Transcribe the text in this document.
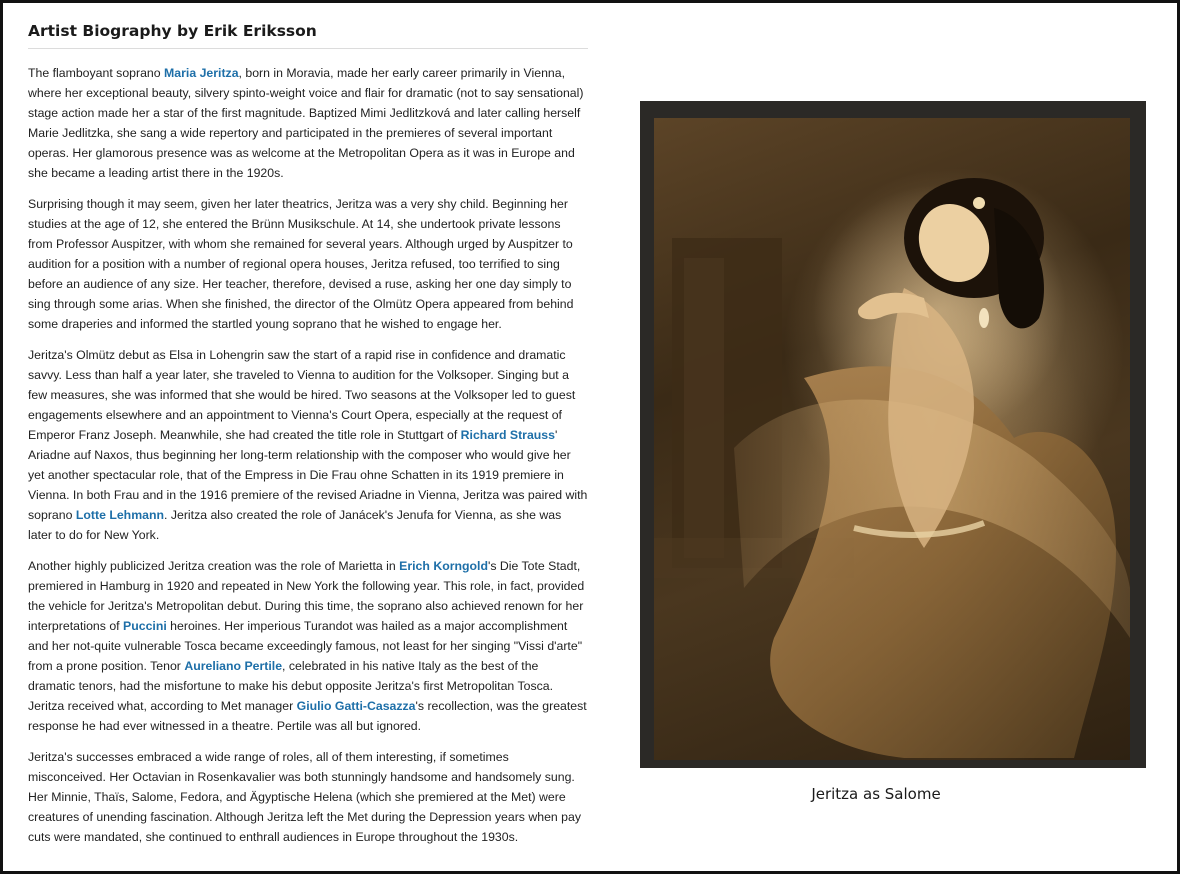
Artist Biography by Erik Eriksson

The flamboyant soprano Maria Jeritza, born in Moravia, made her early career primarily in Vienna, where her exceptional beauty, silvery spinto-weight voice and flair for dramatic (not to say sensational) stage action made her a star of the first magnitude. Baptized Mimi Jedlitzková and later calling herself Marie Jedlitzka, she sang a wide repertory and participated in the premieres of several important operas. Her glamorous presence was as welcome at the Metropolitan Opera as it was in Europe and she became a leading artist there in the 1920s.

Surprising though it may seem, given her later theatrics, Jeritza was a very shy child. Beginning her studies at the age of 12, she entered the Brünn Musikschule. At 14, she undertook private lessons from Professor Auspitzer, with whom she remained for several years. Although urged by Auspitzer to audition for a position with a number of regional opera houses, Jeritza refused, too terrified to sing before an audience of any size. Her teacher, therefore, devised a ruse, asking her one day simply to sing through some arias. When she finished, the director of the Olmütz Opera appeared from behind some draperies and informed the startled young soprano that he wished to engage her.

Jeritza's Olmütz debut as Elsa in Lohengrin saw the start of a rapid rise in confidence and dramatic savvy. Less than half a year later, she traveled to Vienna to audition for the Volksoper. Singing but a few measures, she was informed that she would be hired. Two seasons at the Volksoper led to guest engagements elsewhere and an appointment to Vienna's Court Opera, especially at the request of Emperor Franz Joseph. Meanwhile, she had created the title role in Stuttgart of Richard Strauss' Ariadne auf Naxos, thus beginning her long-term relationship with the composer who would give her yet another spectacular role, that of the Empress in Die Frau ohne Schatten in its 1919 premiere in Vienna. In both Frau and in the 1916 premiere of the revised Ariadne in Vienna, Jeritza was paired with soprano Lotte Lehmann. Jeritza also created the role of Janácek's Jenufa for Vienna, as she was later to do for New York.

Another highly publicized Jeritza creation was the role of Marietta in Erich Korngold's Die Tote Stadt, premiered in Hamburg in 1920 and repeated in New York the following year. This role, in fact, provided the vehicle for Jeritza's Metropolitan debut. During this time, the soprano also achieved renown for her interpretations of Puccini heroines. Her imperious Turandot was hailed as a major accomplishment and her not-quite vulnerable Tosca became exceedingly famous, not least for her singing "Vissi d'arte" from a prone position. Tenor Aureliano Pertile, celebrated in his native Italy as the best of the dramatic tenors, had the misfortune to make his debut opposite Jeritza's first Metropolitan Tosca. Jeritza received what, according to Met manager Giulio Gatti-Casazza's recollection, was the greatest response he had ever witnessed in a theatre. Pertile was all but ignored.

Jeritza's successes embraced a wide range of roles, all of them interesting, if sometimes misconceived. Her Octavian in Rosenkavalier was both stunningly handsome and handsomely sung. Her Minnie, Thaïs, Salome, Fedora, and Ägyptische Helena (which she premiered at the Met) were creatures of unending fascination. Although Jeritza left the Met during the Depression years when pay cuts were mandated, she continued to enthrall audiences in Europe throughout the 1930s.

Jeritza as Salome
